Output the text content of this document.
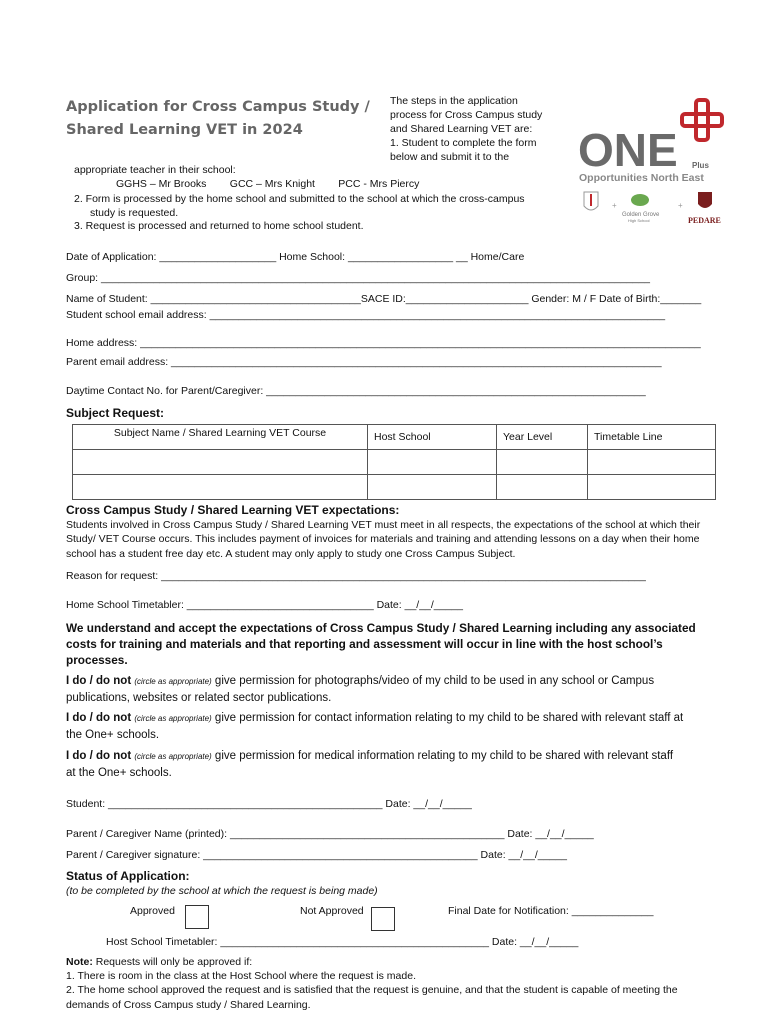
Application for Cross Campus Study /
Shared Learning VET in 2024
The steps in the application
process for Cross Campus study
and Shared Learning VET are:
1. Student to complete the form
below and submit it to the	ONE Plus
Opportunities North East
+
Golden Grove
High School
+
PEDARE
appropriate teacher in their school:
GGHS – Mr Brooks        GCC – Mrs Knight        PCC - Mrs Piercy
2. Form is processed by the home school and submitted to the school at which the cross-campus
study is requested.
3. Request is processed and returned to home school student.
Date of Application: ____________________ Home School: __________________ __ Home/Care
Group: ______________________________________________________________________________________________
Name of Student: ____________________________________SACE ID:_____________________ Gender: M / F Date of Birth:_______
Student school email address: ______________________________________________________________________________
Home address: ________________________________________________________________________________________________
Parent email address: ____________________________________________________________________________________
Daytime Contact No. for Parent/Caregiver: _________________________________________________________________
Subject Request:
Subject Name / Shared Learning VET Course	Host School	Year Level	Timetable Line

Cross Campus Study / Shared Learning VET expectations:
Students involved in Cross Campus Study / Shared Learning VET must meet in all respects, the expectations of the school at which their
Study/ VET Course occurs. This includes payment of invoices for materials and training and attending lessons on a day when their home
school has a student free day etc. A student may only apply to study one Cross Campus Subject.
Reason for request: ___________________________________________________________________________________
Home School Timetabler: ________________________________ Date: __/__/_____
We understand and accept the expectations of Cross Campus Study / Shared Learning including any associated
costs for training and materials and that reporting and assessment will occur in line with the host school’s
processes.
I do / do not (circle as appropriate) give permission for photographs/video of my child to be used in any school or Campus
publications, websites or related sector publications.
I do / do not (circle as appropriate) give permission for contact information relating to my child to be shared with relevant staff at
the One+ schools.
I do / do not (circle as appropriate) give permission for medical information relating to my child to be shared with relevant staff
at the One+ schools.
Student: _______________________________________________ Date: __/__/_____
Parent / Caregiver Name (printed): _______________________________________________ Date: __/__/_____
Parent / Caregiver signature: _______________________________________________ Date: __/__/_____
Status of Application:
(to be completed by the school at which the request is being made)
Approved	Not Approved	Final Date for Notification: ______________
Host School Timetabler: ______________________________________________ Date: __/__/_____
Note: Requests will only be approved if:
1. There is room in the class at the Host School where the request is made.
2. The home school approved the request and is satisfied that the request is genuine, and that the student is capable of meeting the
demands of Cross Campus study / Shared Learning.
